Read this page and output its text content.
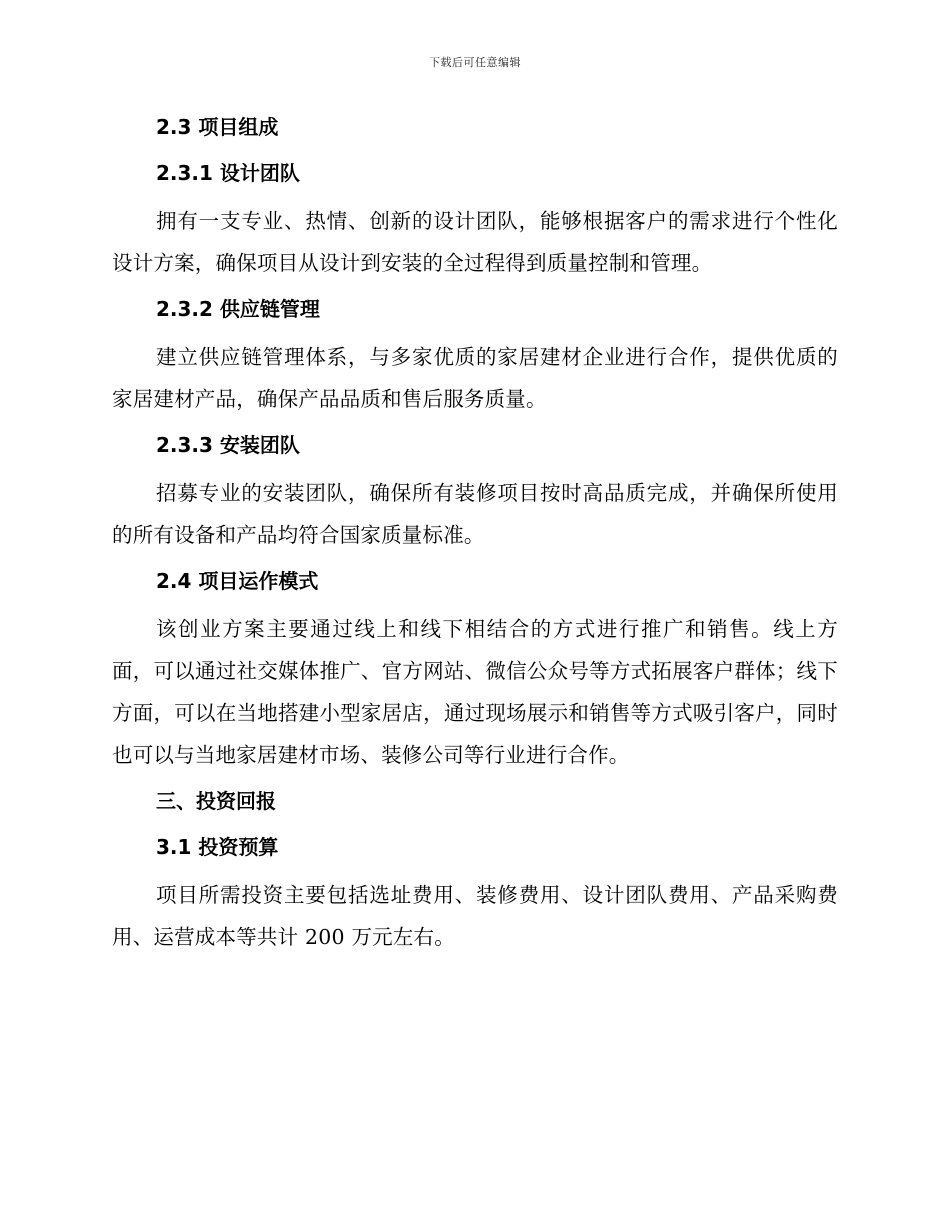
下载后可任意编辑

2.3 项目组成

2.3.1 设计团队

拥有一支专业、热情、创新的设计团队，能够根据客户的需求进行个性化设计方案，确保项目从设计到安装的全过程得到质量控制和管理。

2.3.2 供应链管理

建立供应链管理体系，与多家优质的家居建材企业进行合作，提供优质的家居建材产品，确保产品品质和售后服务质量。

2.3.3 安装团队

招募专业的安装团队，确保所有装修项目按时高品质完成，并确保所使用的所有设备和产品均符合国家质量标准。

2.4 项目运作模式

该创业方案主要通过线上和线下相结合的方式进行推广和销售。线上方面，可以通过社交媒体推广、官方网站、微信公众号等方式拓展客户群体；线下方面，可以在当地搭建小型家居店，通过现场展示和销售等方式吸引客户，同时也可以与当地家居建材市场、装修公司等行业进行合作。

三、投资回报

3.1 投资预算

项目所需投资主要包括选址费用、装修费用、设计团队费用、产品采购费用、运营成本等共计 200 万元左右。
